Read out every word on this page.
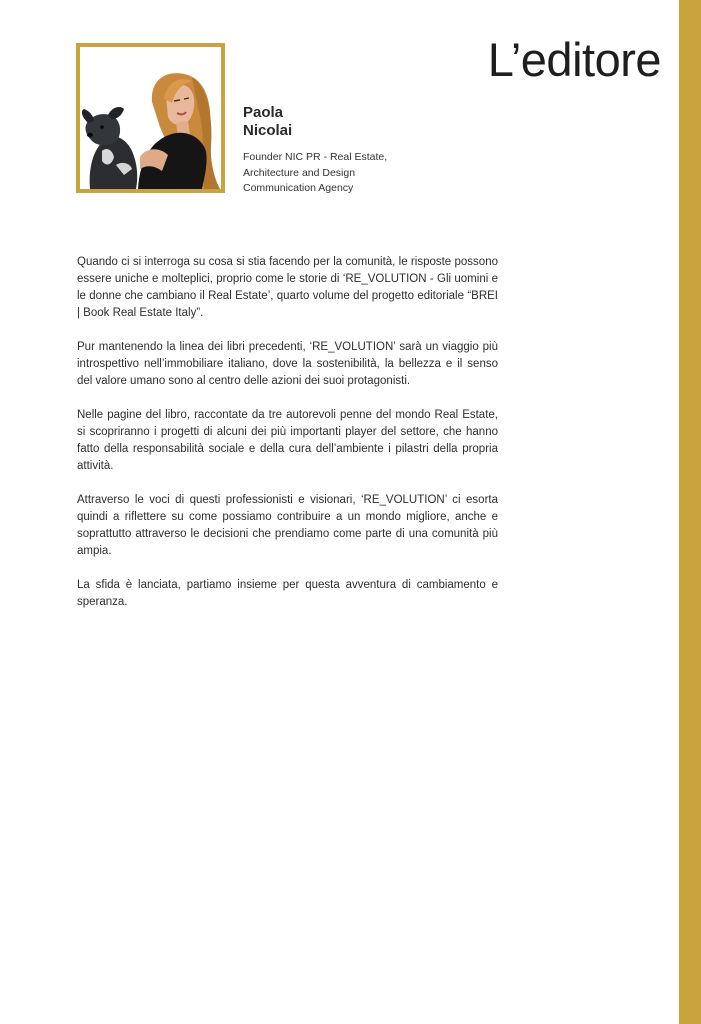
L’editore
Paola
Nicolai
Founder NIC PR - Real Estate,
Architecture and Design
Communication Agency

Quando ci si interroga su cosa si stia facendo per la comunità, le risposte possono essere uniche e molteplici, proprio come le storie di ‘RE_VOLUTION - Gli uomini e le donne che cambiano il Real Estate’, quarto volume del progetto editoriale “BREI | Book Real Estate Italy”.

Pur mantenendo la linea dei libri precedenti, ‘RE_VOLUTION’ sarà un viaggio più introspettivo nell’immobiliare italiano, dove la sostenibilità, la bellezza e il senso del valore umano sono al centro delle azioni dei suoi protagonisti.

Nelle pagine del libro, raccontate da tre autorevoli penne del mondo Real Estate, si scopriranno i progetti di alcuni dei più importanti player del settore, che hanno fatto della responsabilità sociale e della cura dell’ambiente i pilastri della propria attività.

Attraverso le voci di questi professionisti e visionari, ‘RE_VOLUTION’ ci esorta quindi a riflettere su come possiamo contribuire a un mondo migliore, anche e soprattutto attraverso le decisioni che prendiamo come parte di una comunità più ampia.

La sfida è lanciata, partiamo insieme per questa avventura di cambiamento e speranza.
